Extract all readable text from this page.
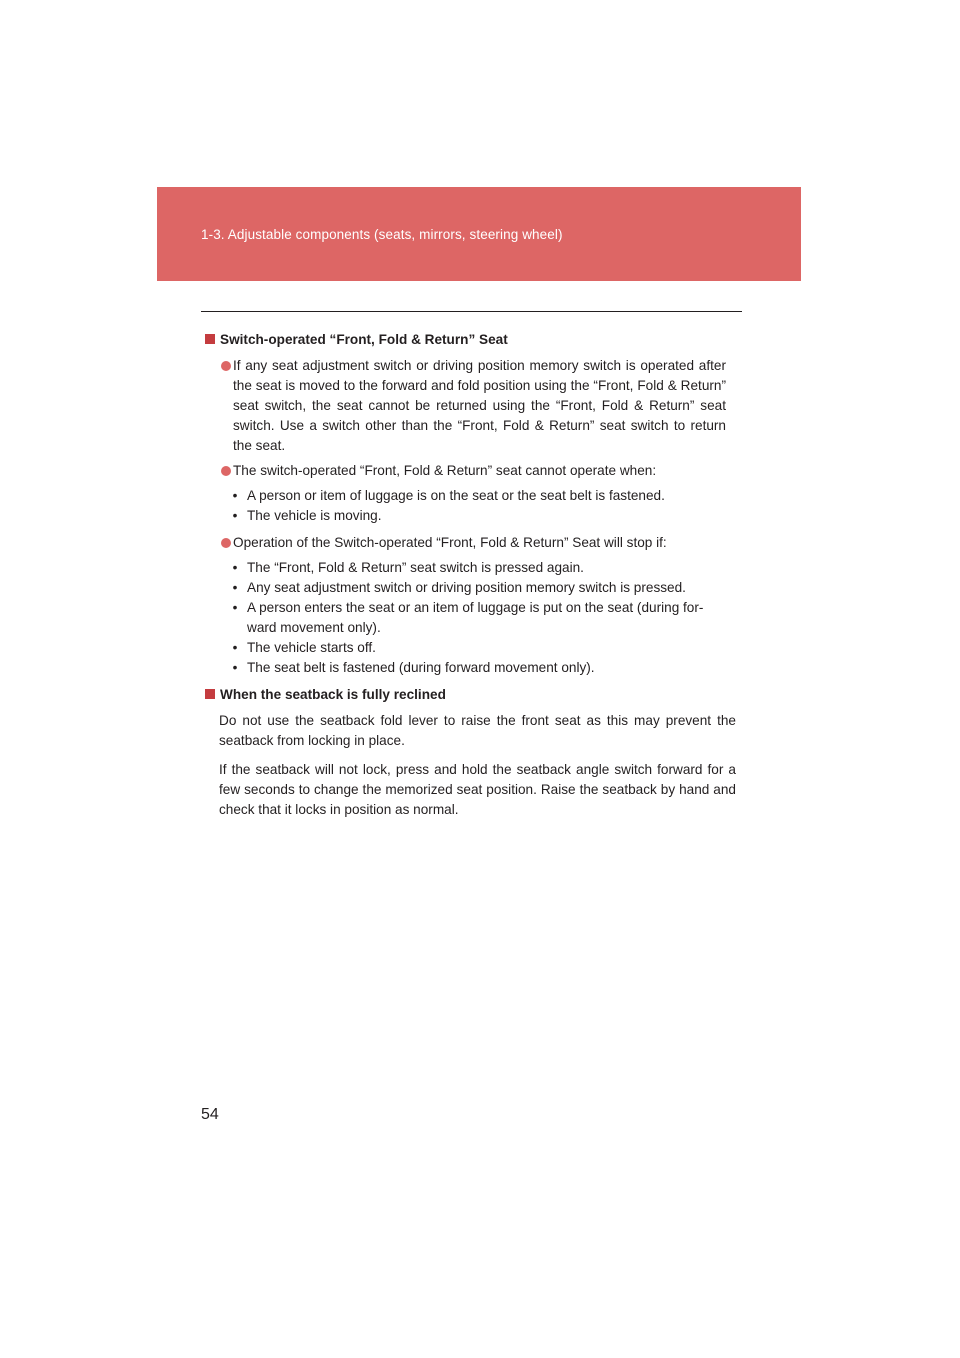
1-3. Adjustable components (seats, mirrors, steering wheel)
Switch-operated “Front, Fold & Return” Seat
If any seat adjustment switch or driving position memory switch is operated after the seat is moved to the forward and fold position using the “Front, Fold & Return” seat switch, the seat cannot be returned using the “Front, Fold & Return” seat switch. Use a switch other than the “Front, Fold & Return” seat switch to return the seat.
The switch-operated “Front, Fold & Return” seat cannot operate when:
• A person or item of luggage is on the seat or the seat belt is fastened.
• The vehicle is moving.
Operation of the Switch-operated “Front, Fold & Return” Seat will stop if:
• The “Front, Fold & Return” seat switch is pressed again.
• Any seat adjustment switch or driving position memory switch is pressed.
• A person enters the seat or an item of luggage is put on the seat (during for-ward movement only).
• The vehicle starts off.
• The seat belt is fastened (during forward movement only).
When the seatback is fully reclined

Do not use the seatback fold lever to raise the front seat as this may prevent the seatback from locking in place.

If the seatback will not lock, press and hold the seatback angle switch forward for a few seconds to change the memorized seat position. Raise the seatback by hand and check that it locks in position as normal.

54
